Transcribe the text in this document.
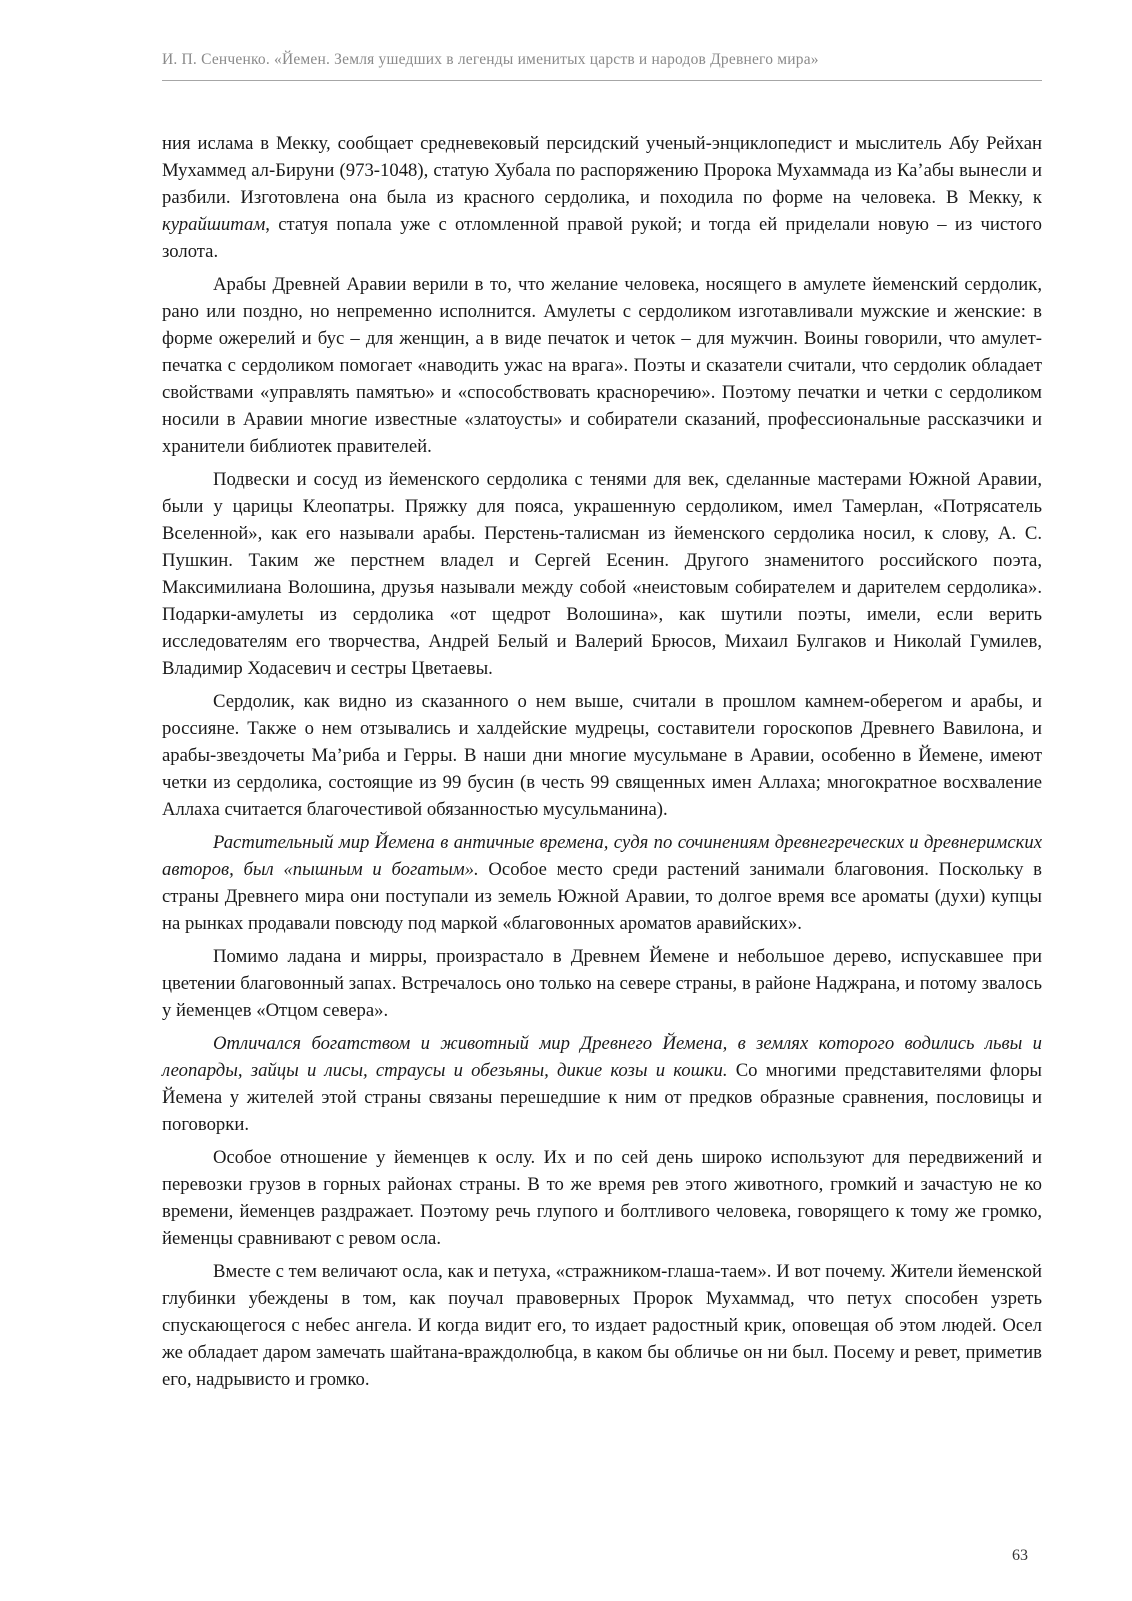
И. П. Сенченко. «Йемен. Земля ушедших в легенды именитых царств и народов Древнего мира»

ния ислама в Мекку, сообщает средневековый персидский ученый-энциклопедист и мыслитель Абу Рейхан Мухаммед ал-Бируни (973-1048), статую Хубала по распоряжению Пророка Мухаммада из Ка’абы вынесли и разбили. Изготовлена она была из красного сердолика, и походила по форме на человека. В Мекку, к курайшитам, статуя попала уже с отломленной правой рукой; и тогда ей приделали новую – из чистого золота.

Арабы Древней Аравии верили в то, что желание человека, носящего в амулете йеменский сердолик, рано или поздно, но непременно исполнится. Амулеты с сердоликом изготавливали мужские и женские: в форме ожерелий и бус – для женщин, а в виде печаток и четок – для мужчин. Воины говорили, что амулет-печатка с сердоликом помогает «наводить ужас на врага». Поэты и сказатели считали, что сердолик обладает свойствами «управлять памятью» и «способствовать красноречию». Поэтому печатки и четки с сердоликом носили в Аравии многие известные «златоусты» и собиратели сказаний, профессиональные рассказчики и хранители библиотек правителей.

Подвески и сосуд из йеменского сердолика с тенями для век, сделанные мастерами Южной Аравии, были у царицы Клеопатры. Пряжку для пояса, украшенную сердоликом, имел Тамерлан, «Потрясатель Вселенной», как его называли арабы. Перстень-талисман из йеменского сердолика носил, к слову, А. С. Пушкин. Таким же перстнем владел и Сергей Есенин. Другого знаменитого российского поэта, Максимилиана Волошина, друзья называли между собой «неистовым собирателем и дарителем сердолика». Подарки-амулеты из сердолика «от щедрот Волошина», как шутили поэты, имели, если верить исследователям его творчества, Андрей Белый и Валерий Брюсов, Михаил Булгаков и Николай Гумилев, Владимир Ходасевич и сестры Цветаевы.

Сердолик, как видно из сказанного о нем выше, считали в прошлом камнем-оберегом и арабы, и россияне. Также о нем отзывались и халдейские мудрецы, составители гороскопов Древнего Вавилона, и арабы-звездочеты Ма’риба и Герры. В наши дни многие мусульмане в Аравии, особенно в Йемене, имеют четки из сердолика, состоящие из 99 бусин (в честь 99 священных имен Аллаха; многократное восхваление Аллаха считается благочестивой обязанностью мусульманина).

Растительный мир Йемена в античные времена, судя по сочинениям древнегреческих и древнеримских авторов, был «пышным и богатым». Особое место среди растений занимали благовония. Поскольку в страны Древнего мира они поступали из земель Южной Аравии, то долгое время все ароматы (духи) купцы на рынках продавали повсюду под маркой «благовонных ароматов аравийских».

Помимо ладана и мирры, произрастало в Древнем Йемене и небольшое дерево, испускавшее при цветении благовонный запах. Встречалось оно только на севере страны, в районе Наджрана, и потому звалось у йеменцев «Отцом севера».

Отличался богатством и животный мир Древнего Йемена, в землях которого водились львы и леопарды, зайцы и лисы, страусы и обезьяны, дикие козы и кошки. Со многими представителями флоры Йемена у жителей этой страны связаны перешедшие к ним от предков образные сравнения, пословицы и поговорки.

Особое отношение у йеменцев к ослу. Их и по сей день широко используют для передвижений и перевозки грузов в горных районах страны. В то же время рев этого животного, громкий и зачастую не ко времени, йеменцев раздражает. Поэтому речь глупого и болтливого человека, говорящего к тому же громко, йеменцы сравнивают с ревом осла.

Вместе с тем величают осла, как и петуха, «стражником-глаша-таем». И вот почему. Жители йеменской глубинки убеждены в том, как поучал правоверных Пророк Мухаммад, что петух способен узреть спускающегося с небес ангела. И когда видит его, то издает радостный крик, оповещая об этом людей. Осел же обладает даром замечать шайтана-враждолюбца, в каком бы обличье он ни был. Посему и ревет, приметив его, надрывисто и громко.

63
